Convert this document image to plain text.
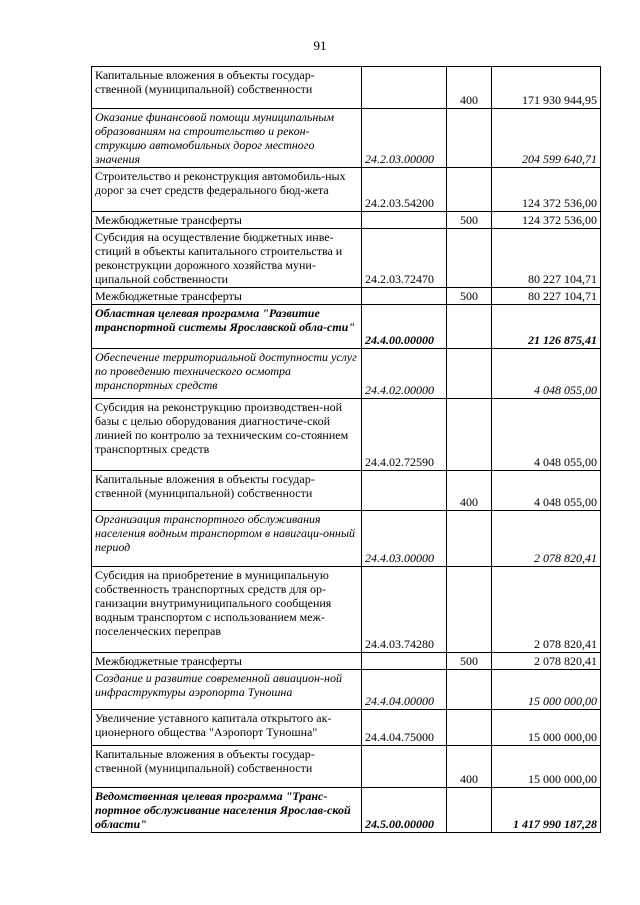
91
Капитальные вложения в объекты государ-ственной (муниципальной) собственности		400	171 930 944,95
Оказание финансовой помощи муниципальным образованиям на строительство и рекон-струкцию автомобильных дорог местного значения	24.2.03.00000		204 599 640,71
Строительство и реконструкция автомобиль-ных дорог за счет средств федерального бюд-жета	24.2.03.54200		124 372 536,00
Межбюджетные трансферты		500	124 372 536,00
Субсидия на осуществление бюджетных инве-стиций в объекты капитального строительства и реконструкции дорожного хозяйства муни-ципальной собственности	24.2.03.72470		80 227 104,71
Межбюджетные трансферты		500	80 227 104,71
Областная целевая программа "Развитие транспортной системы Ярославской обла-сти"	24.4.00.00000		21 126 875,41
Обеспечение территориальной доступности услуг по проведению технического осмотра транспортных средств	24.4.02.00000		4 048 055,00
Субсидия на реконструкцию производствен-ной базы с целью оборудования диагностиче-ской линией по контролю за техническим со-стоянием транспортных средств	24.4.02.72590		4 048 055,00
Капитальные вложения в объекты государ-ственной (муниципальной) собственности		400	4 048 055,00
Организация транспортного обслуживания населения водным транспортом в навигаци-онный период	24.4.03.00000		2 078 820,41
Субсидия на приобретение в муниципальную собственность транспортных средств для ор-ганизации внутримуниципального сообщения водным транспортом с использованием меж-поселенческих переправ	24.4.03.74280		2 078 820,41
Межбюджетные трансферты		500	2 078 820,41
Создание и развитие современной авиацион-ной инфраструктуры аэропорта Туношна	24.4.04.00000		15 000 000,00
Увеличение уставного капитала открытого ак-ционерного общества "Аэропорт Туношна"	24.4.04.75000		15 000 000,00
Капитальные вложения в объекты государ-ственной (муниципальной) собственности		400	15 000 000,00
Ведомственная целевая программа "Транс-портное обслуживание населения Ярослав-ской области"	24.5.00.00000		1 417 990 187,28
